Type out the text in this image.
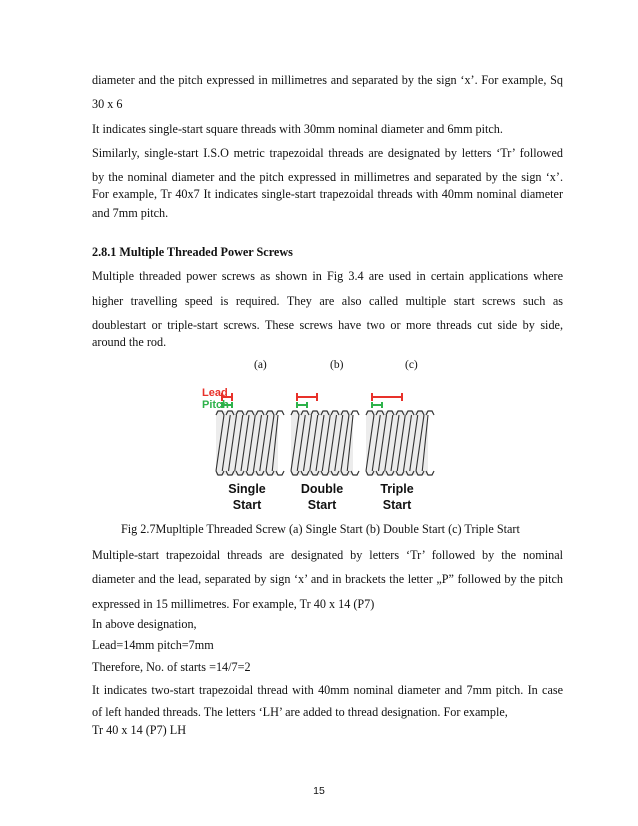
diameter and the pitch expressed in millimetres and separated by the sign ‘x’. For example, Sq
30 x 6
It indicates single-start square threads with 30mm nominal diameter and 6mm pitch.
Similarly, single-start I.S.O metric trapezoidal threads are designated by letters ‘Tr’ followed
by the nominal diameter and the pitch expressed in millimetres and separated by the sign ‘x’.
For example, Tr 40x7 It indicates single-start trapezoidal threads with 40mm nominal diameter
and 7mm pitch.
2.8.1 Multiple Threaded Power Screws
Multiple threaded power screws as shown in Fig 3.4 are used in certain applications where
higher travelling speed is required. They are also called multiple start screws such as
doublestart or triple-start screws. These screws have two or more threads cut side by side,
around the rod.
(a)	(b)	(c)
Lead
Pitch
Single
Start
Double
Start
Triple
Start
Fig 2.7Mupltiple Threaded Screw (a) Single Start (b) Double Start (c) Triple Start
Multiple-start trapezoidal threads are designated by letters ‘Tr’ followed by the nominal
diameter and the lead, separated by sign ‘x’ and in brackets the letter „P” followed by the pitch
expressed in 15 millimetres. For example, Tr 40 x 14 (P7)
In above designation,
Lead=14mm pitch=7mm
Therefore, No. of starts =14/7=2
It indicates two-start trapezoidal thread with 40mm nominal diameter and 7mm pitch. In case
of left handed threads. The letters ‘LH’ are added to thread designation. For example,
Tr 40 x 14 (P7) LH
15
